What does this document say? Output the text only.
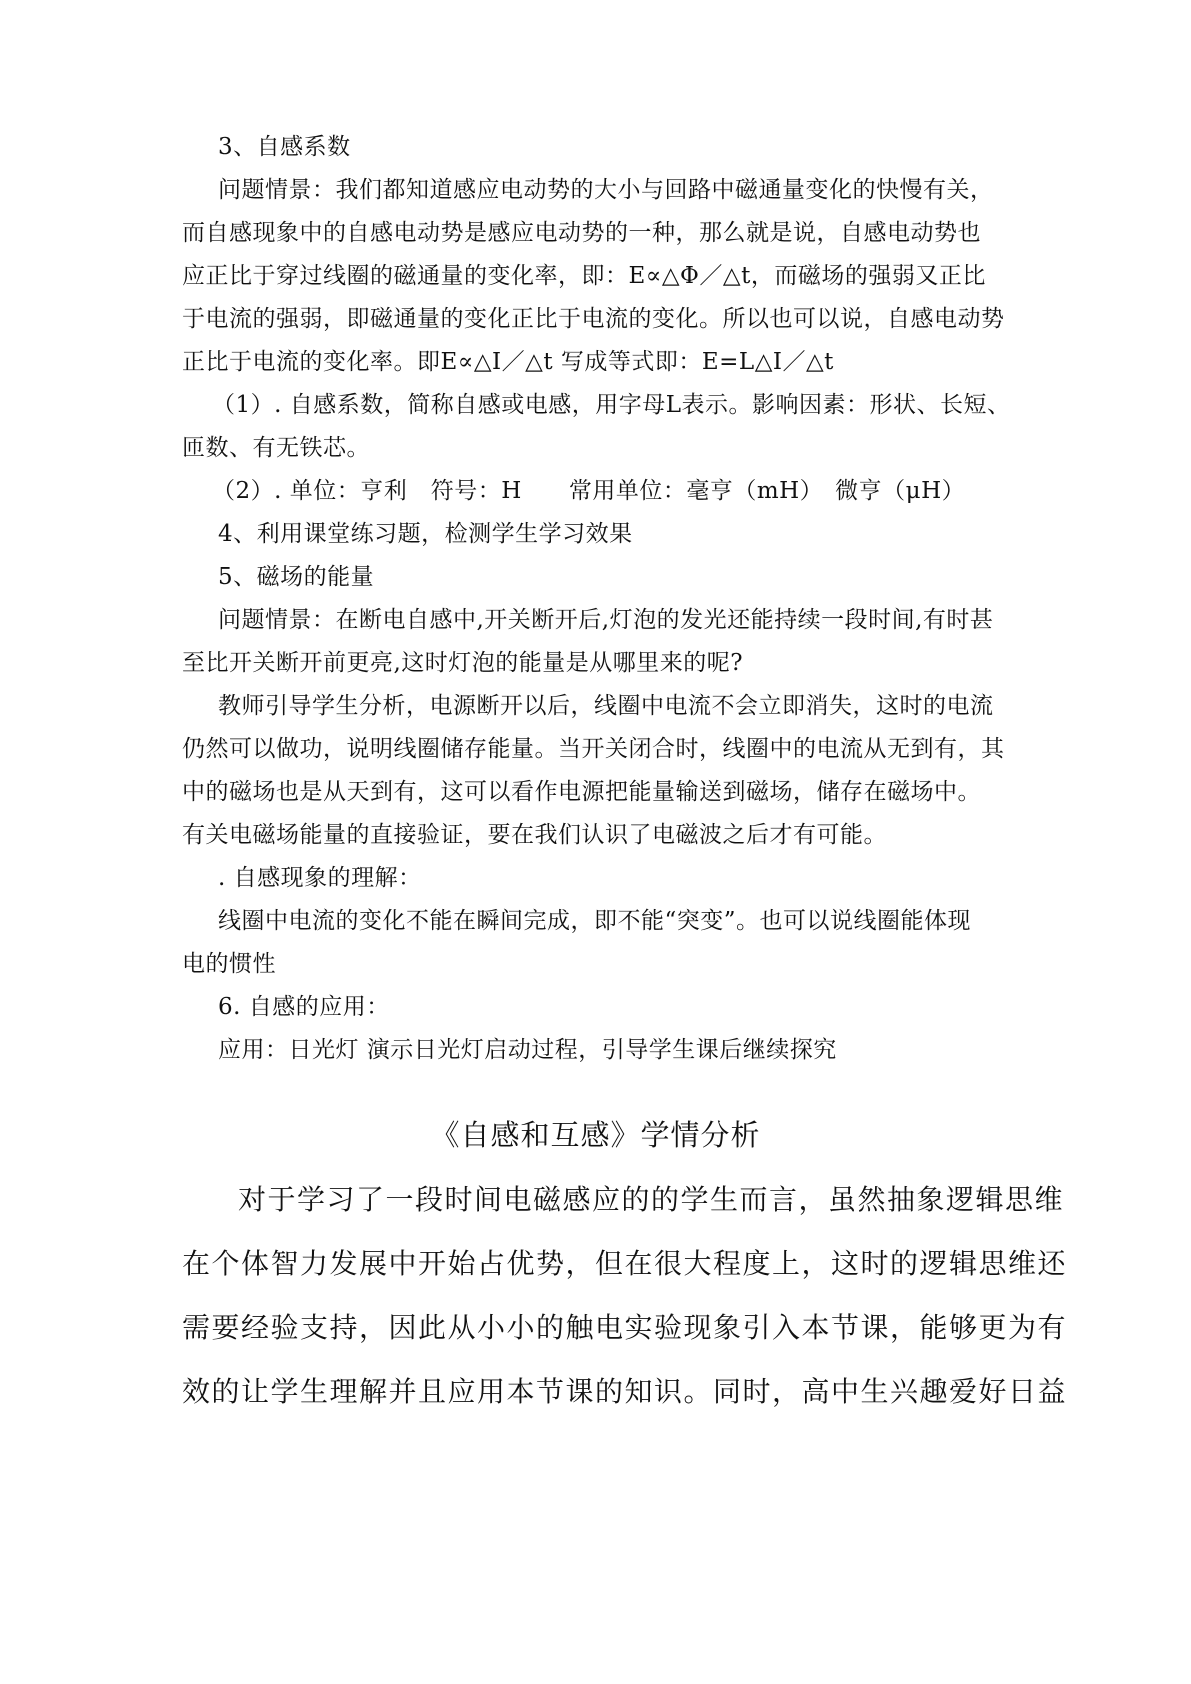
3、自感系数
问题情景：我们都知道感应电动势的大小与回路中磁通量变化的快慢有关，
而自感现象中的自感电动势是感应电动势的一种，那么就是说，自感电动势也
应正比于穿过线圈的磁通量的变化率，即：E∝△Φ／△t，而磁场的强弱又正比
于电流的强弱，即磁通量的变化正比于电流的变化。所以也可以说，自感电动势
正比于电流的变化率。即E∝△I／△t 写成等式即：E=L△I／△t
（1）. 自感系数，简称自感或电感，用字母L表示。影响因素：形状、长短、
匝数、有无铁芯。
（2）. 单位：亨利　符号：H　　常用单位：毫亨（mH）　微亨（μH）
4、利用课堂练习题，检测学生学习效果
5、磁场的能量
问题情景：在断电自感中,开关断开后,灯泡的发光还能持续一段时间,有时甚
至比开关断开前更亮,这时灯泡的能量是从哪里来的呢?
教师引导学生分析，电源断开以后，线圈中电流不会立即消失，这时的电流
仍然可以做功，说明线圈储存能量。当开关闭合时，线圈中的电流从无到有，其
中的磁场也是从天到有，这可以看作电源把能量输送到磁场，储存在磁场中。
有关电磁场能量的直接验证，要在我们认识了电磁波之后才有可能。
. 自感现象的理解：
线圈中电流的变化不能在瞬间完成，即不能“突变”。也可以说线圈能体现
电的惯性
6. 自感的应用：
应用：日光灯 演示日光灯启动过程，引导学生课后继续探究
《自感和互感》学情分析
对于学习了一段时间电磁感应的的学生而言，虽然抽象逻辑思维
在个体智力发展中开始占优势，但在很大程度上，这时的逻辑思维还
需要经验支持，因此从小小的触电实验现象引入本节课，能够更为有
效的让学生理解并且应用本节课的知识。同时，高中生兴趣爱好日益
